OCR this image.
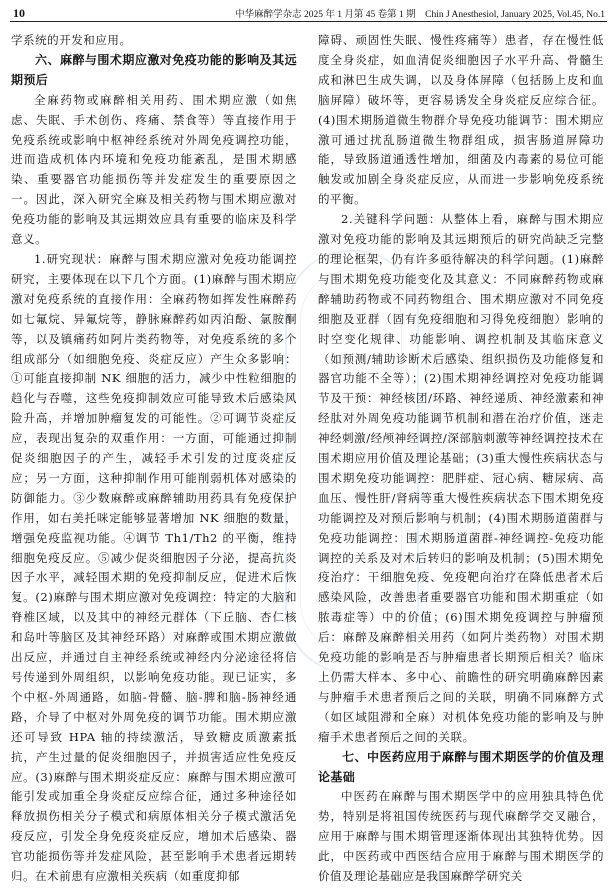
10	中华麻醉学杂志 2025 年 1 月第 45 卷第 1 期　Chin J Anesthesiol, January 2025, Vol.45, No.1

学系统的开发和应用。

六、麻醉与围术期应激对免疫功能的影响及其远期预后

全麻药物或麻醉相关用药、围术期应激（如焦虑、失眠、手术创伤、疼痛、禁食等）等直接作用于免疫系统或影响中枢神经系统对外周免疫调控功能，进而造成机体内环境和免疫功能紊乱，是围术期感染、重要器官功能损伤等并发症发生的重要原因之一。因此，深入研究全麻及相关药物与围术期应激对免疫功能的影响及其远期效应具有重要的临床及科学意义。

1.研究现状：麻醉与围术期应激对免疫功能调控研究，主要体现在以下几个方面。(1)麻醉与围术期应激对免疫系统的直接作用：全麻药物如挥发性麻醉药如七氟烷、异氟烷等，静脉麻醉药如丙泊酚、氯胺酮等，以及镇痛药如阿片类药物等，对免疫系统的多个组成部分（如细胞免疫、炎症反应）产生众多影响：①可能直接抑制 NK 细胞的活力，减少中性粒细胞的趋化与吞噬，这些免疫抑制效应可能导致术后感染风险升高，并增加肿瘤复发的可能性。②可调节炎症反应，表现出复杂的双重作用：一方面，可能通过抑制促炎细胞因子的产生，减轻手术引发的过度炎症反应；另一方面，这种抑制作用可能削弱机体对感染的防御能力。③少数麻醉或麻醉辅助用药具有免疫保护作用，如右美托咪定能够显著增加 NK 细胞的数量，增强免疫监视功能。④调节 Th1/Th2 的平衡，维持细胞免疫反应。⑤减少促炎细胞因子分泌，提高抗炎因子水平，减轻围术期的免疫抑制反应，促进术后恢复。(2)麻醉与围术期应激对免疫调控：特定的大脑和脊椎区域，以及其中的神经元群体（下丘脑、杏仁核和岛叶等脑区及其神经环路）对麻醉或围术期应激做出反应，并通过自主神经系统或神经内分泌途径将信号传递到外周组织，以影响免疫功能。现已证实，多个中枢-外周通路，如脑-骨髓、脑-脾和脑-肠神经通路，介导了中枢对外周免疫的调节功能。围术期应激还可导致 HPA 轴的持续激活，导致糖皮质激素抵抗，产生过量的促炎细胞因子，并损害适应性免疫反应。(3)麻醉与围术期炎症反应：麻醉与围术期应激可能引发或加重全身炎症反应综合征，通过多种途径如释放损伤相关分子模式和病原体相关分子模式激活免疫反应，引发全身免疫炎症反应，增加术后感染、器官功能损伤等并发症风险，甚至影响手术患者远期转归。在术前患有应激相关疾病（如重度抑郁

障碍、顽固性失眠、慢性疼痛等）患者，存在慢性低度全身炎症，如血清促炎细胞因子水平升高、骨髓生成和淋巴生成失调，以及身体屏障（包括肠上皮和血脑屏障）破坏等，更容易诱发全身炎症反应综合征。(4)围术期肠道微生物群介导免疫功能调节：围术期应激可通过扰乱肠道微生物群组成，损害肠道屏障功能，导致肠道通透性增加，细菌及内毒素的易位可能触发或加剧全身炎症反应，从而进一步影响免疫系统的平衡。

2.关键科学问题：从整体上看，麻醉与围术期应激对免疫功能的影响及其远期预后的研究尚缺乏完整的理论框架，仍有许多亟待解决的科学问题。(1)麻醉与围术期免疫功能变化及其意义：不同麻醉药物或麻醉辅助药物或不同药物组合、围术期应激对不同免疫细胞及亚群（固有免疫细胞和习得免疫细胞）影响的时空变化规律、功能影响、调控机制及其临床意义（如预测/辅助诊断术后感染、组织损伤及功能修复和器官功能不全等）；(2)围术期神经调控对免疫功能调节及干预：神经核团/环路、神经递质、神经激素和神经肽对外周免疫功能调节机制和潜在治疗价值，迷走神经刺激/经颅神经调控/深部脑刺激等神经调控技术在围术期应用价值及理论基础；(3)重大慢性疾病状态与围术期免疫功能调控：肥胖症、冠心病、糖尿病、高血压、慢性肝/肾病等重大慢性疾病状态下围术期免疫功能调控及对预后影响与机制；(4)围术期肠道菌群与免疫功能调控：围术期肠道菌群-神经调控-免疫功能调控的关系及对术后转归的影响及机制；(5)围术期免疫治疗：干细胞免疫、免疫靶向治疗在降低患者术后感染风险，改善患者重要器官功能和围术期重症（如脓毒症等）中的价值；(6)围术期免疫调控与肿瘤预后：麻醉及麻醉相关用药（如阿片类药物）对围术期免疫功能的影响是否与肿瘤患者长期预后相关？临床上仍需大样本、多中心、前瞻性的研究明确麻醉因素与肿瘤手术患者预后之间的关联，明确不同麻醉方式（如区域阻滞和全麻）对机体免疫功能的影响及与肿瘤手术患者预后之间的关联。

七、中医药应用于麻醉与围术期医学的价值及理论基础

中医药在麻醉与围术期医学中的应用独具特色优势，特别是将祖国传统医药与现代麻醉学交叉融合，应用于麻醉与围术期管理逐渐体现出其独特优势。因此，中医药或中西医结合应用于麻醉与围术期医学的价值及理论基础应是我国麻醉学研究关
